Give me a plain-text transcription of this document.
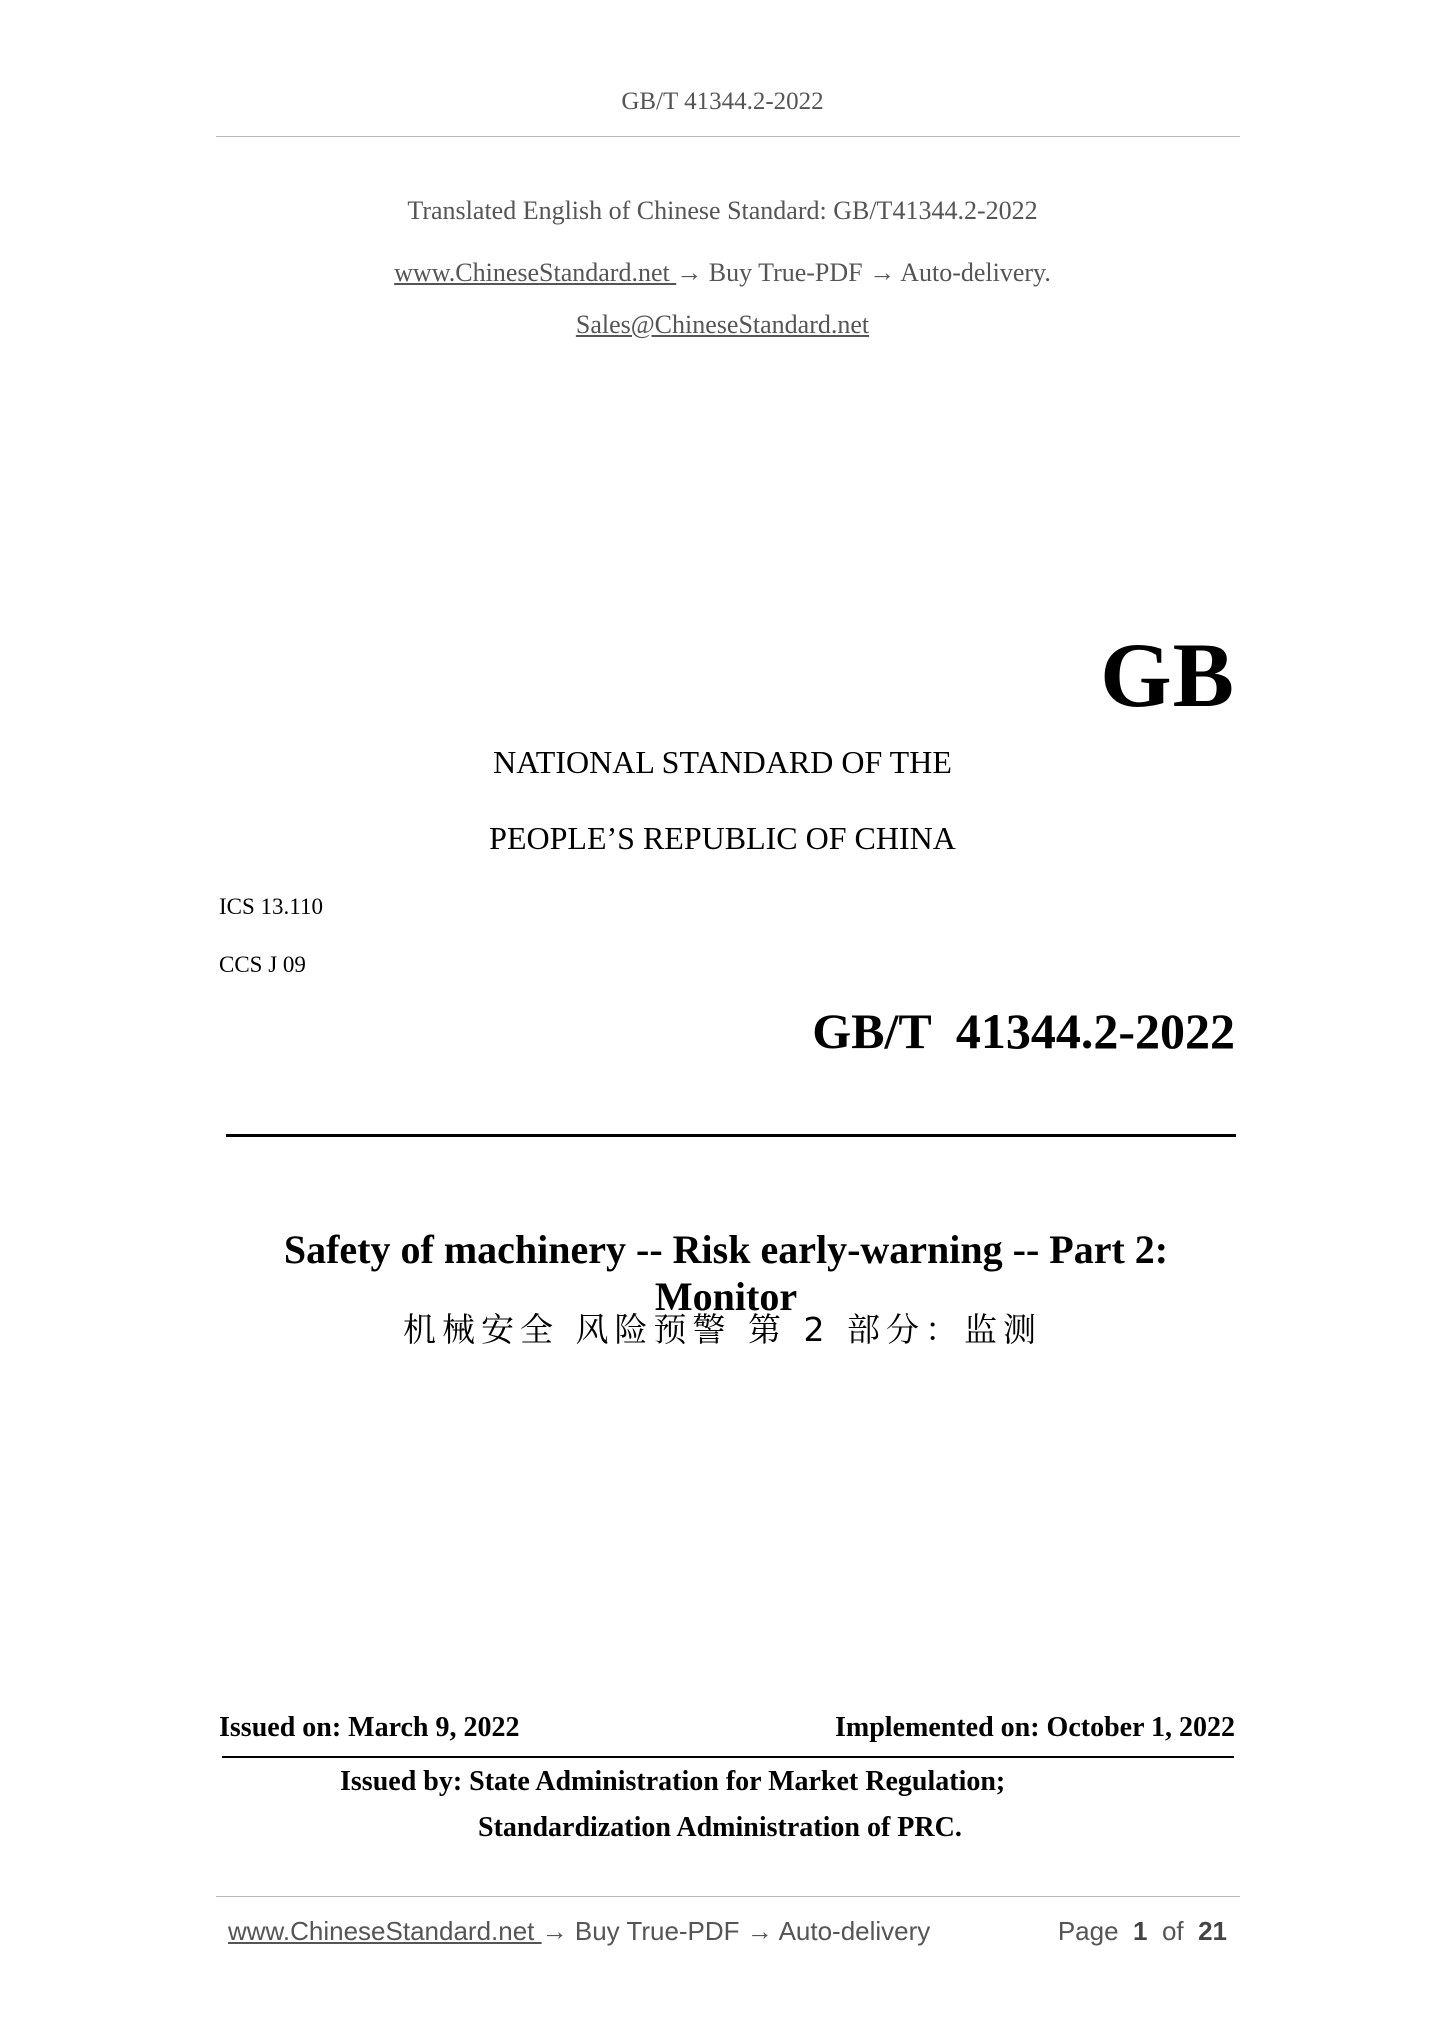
GB/T 41344.2-2022
Translated English of Chinese Standard: GB/T41344.2-2022
www.ChineseStandard.net → Buy True-PDF → Auto-delivery.
Sales@ChineseStandard.net
GB
NATIONAL STANDARD OF THE
PEOPLE’S REPUBLIC OF CHINA
ICS 13.110
CCS J 09
GB/T  41344.2-2022
Safety of machinery -- Risk early-warning -- Part 2: Monitor
机械安全 风险预警 第 2 部分：监测
Issued on: March 9, 2022	Implemented on: October 1, 2022
Issued by: State Administration for Market Regulation;
Standardization Administration of PRC.
www.ChineseStandard.net → Buy True-PDF → Auto-delivery	Page 1 of 21
